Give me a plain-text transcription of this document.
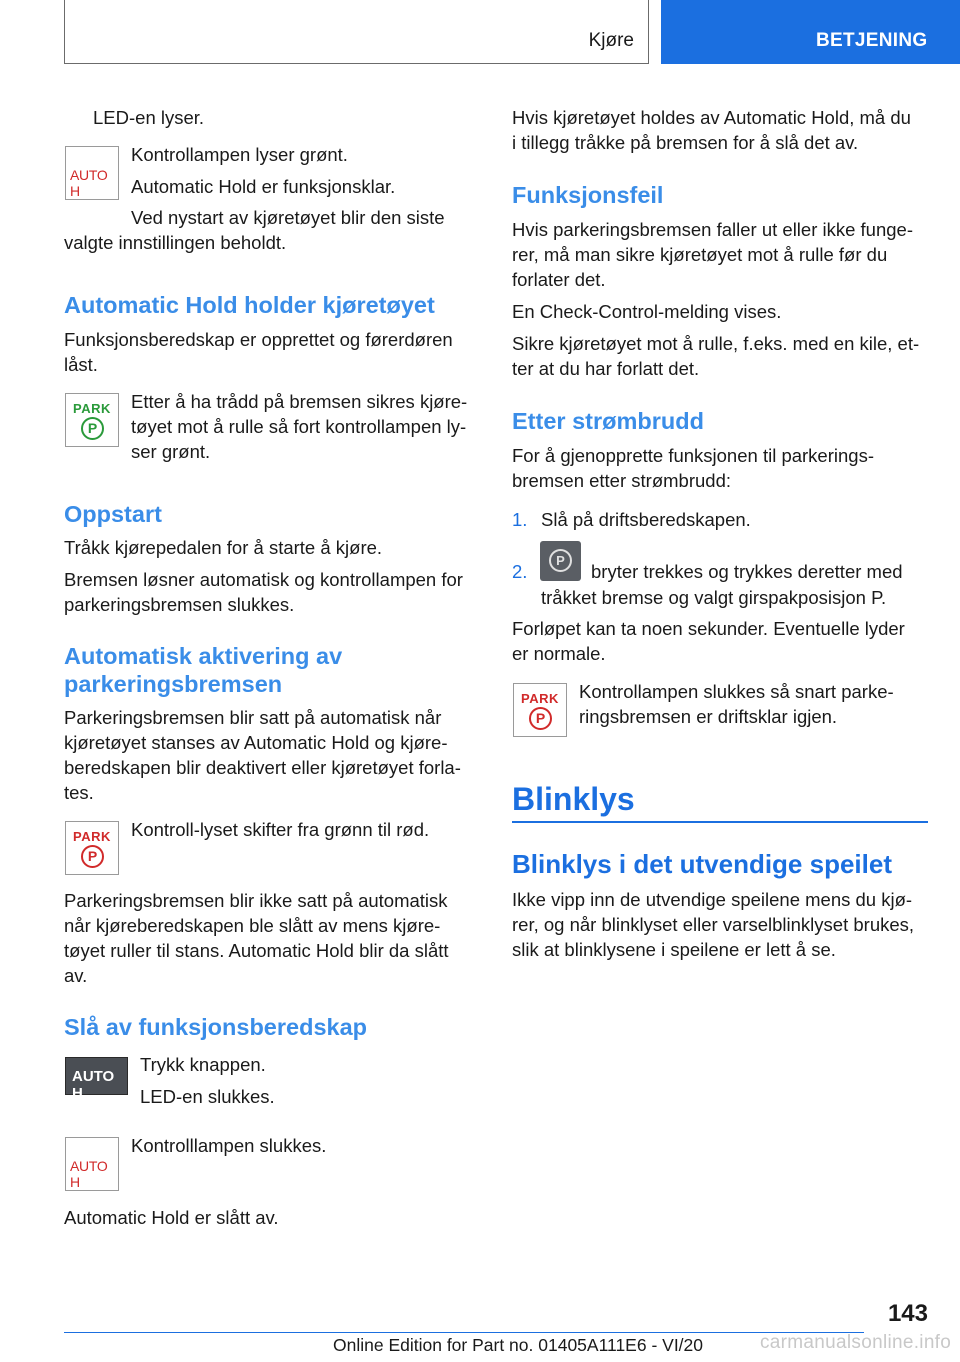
Kjøre	BETJENING
LED-en lyser.
AUTO H
Kontrollampen lyser grønt.
Automatic Hold er funksjonsklar.
Ved nystart av kjøretøyet blir den siste
valgte innstillingen beholdt.
Automatic Hold holder kjøretøyet
Funksjonsberedskap er opprettet og førerdøren
låst.
PARK
P
Etter å ha trådd på bremsen sikres kjøre-
tøyet mot å rulle så fort kontrollampen ly-
ser grønt.
Oppstart
Tråkk kjørepedalen for å starte å kjøre.
Bremsen løsner automatisk og kontrollampen for
parkeringsbremsen slukkes.
Automatisk aktivering av
parkeringsbremsen
Parkeringsbremsen blir satt på automatisk når
kjøretøyet stanses av Automatic Hold og kjøre-
beredskapen blir deaktivert eller kjøretøyet forla-
tes.
PARK
P
Kontroll-lyset skifter fra grønn til rød.
Parkeringsbremsen blir ikke satt på automatisk
når kjøreberedskapen ble slått av mens kjøre-
tøyet ruller til stans. Automatic Hold blir da slått
av.
Slå av funksjonsberedskap
AUTO H
Trykk knappen.
LED-en slukkes.
AUTO H
Kontrolllampen slukkes.
Automatic Hold er slått av.
Hvis kjøretøyet holdes av Automatic Hold, må du
i tillegg tråkke på bremsen for å slå det av.
Funksjonsfeil
Hvis parkeringsbremsen faller ut eller ikke funge-
rer, må man sikre kjøretøyet mot å rulle før du
forlater det.
En Check-Control-melding vises.
Sikre kjøretøyet mot å rulle, f.eks. med en kile, et-
ter at du har forlatt det.
Etter strømbrudd
For å gjenopprette funksjonen til parkerings-
bremsen etter strømbrudd:
1. Slå på driftsberedskapen.
2.
P
bryter trekkes og trykkes deretter med
tråkket bremse og valgt girspakposisjon P.
Forløpet kan ta noen sekunder. Eventuelle lyder
er normale.
PARK
P
Kontrollampen slukkes så snart parke-
ringsbremsen er driftsklar igjen.
Blinklys
Blinklys i det utvendige speilet
Ikke vipp inn de utvendige speilene mens du kjø-
rer, og når blinklyset eller varselblinklyset brukes,
slik at blinklysene i speilene er lett å se.
143
Online Edition for Part no. 01405A111E6 - VI/20	carmanualsonline.info
